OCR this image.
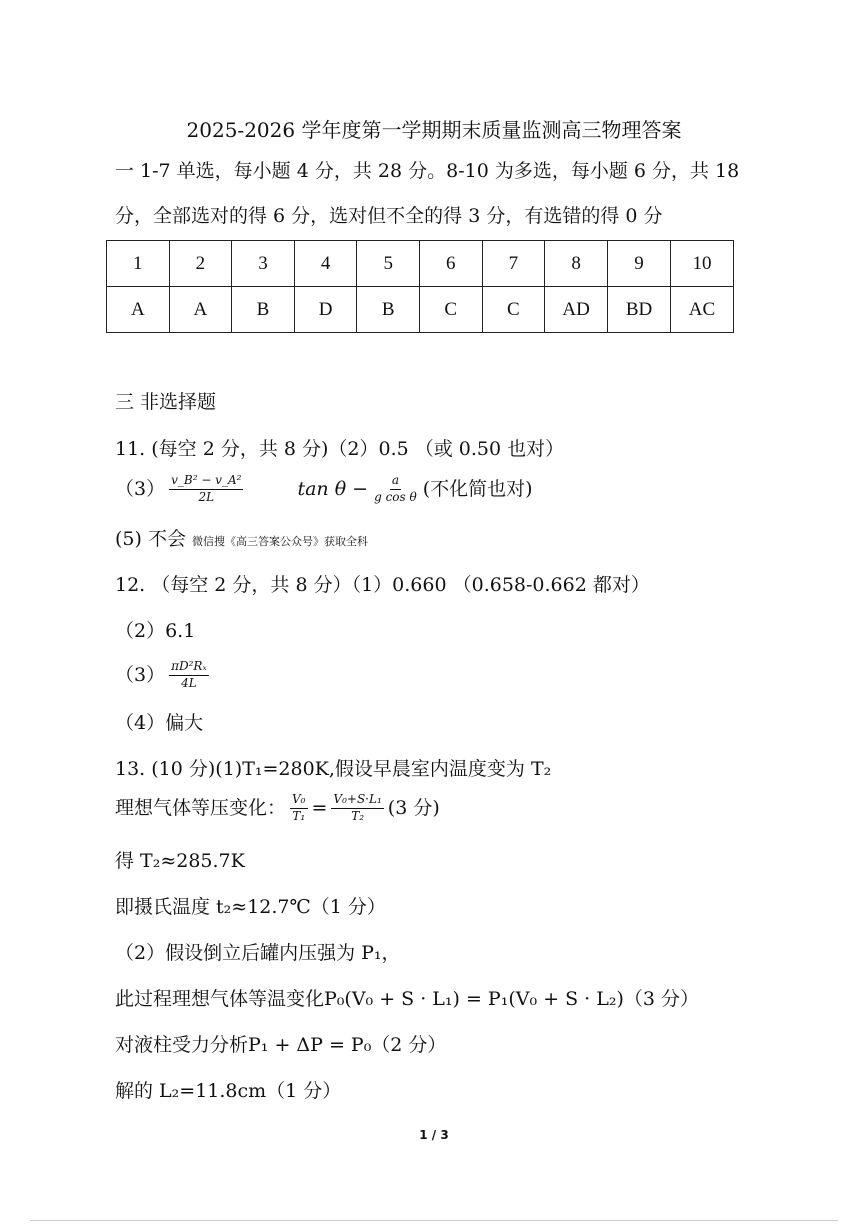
2025-2026 学年度第一学期期末质量监测高三物理答案
一 1-7 单选，每小题 4 分，共 28 分。8-10 为多选，每小题 6 分，共 18
分，全部选对的得 6 分，选对但不全的得 3 分，有选错的得 0 分
1	2	3	4	5	6	7	8	9	10
A	A	B	D	B	C	C	AD	BD	AC
三 非选择题
11. (每空 2 分，共 8 分)（2）0.5 （或 0.50 也对）
$(3) \frac{\text{v\_B² − v\_A²}}{2L}$	$\tan \theta - \frac{a}{\text{g cos θ}}$ (不化简也对)
(5) 不会 微信搜《高三答案公众号》获取全科
12. （每空 2 分，共 8 分）（1）0.660 （0.658-0.662 都对）
（2）6.1
$(3) \frac{\text{πD²Rₓ}}{4L}$
（4）偏大
13. (10 分)(1)T₁=280K,假设早晨室内温度变为 T₂
理想气体等压变化： $\frac{\text{V₀}}{\text{T₁}} = \frac{\text{V₀+S·L₁}}{\text{T₂}} (3$ 分)
得 T₂≈285.7K
即摄氏温度 t₂≈12.7℃（1 分）
（2）假设倒立后罐内压强为 P₁，
此过程理想气体等温变化P₀(V₀ + S · L₁) = P₁(V₀ + S · L₂)（3 分）
对液柱受力分析P₁ + ΔP = P₀（2 分）
解的 L₂=11.8cm（1 分）
1 / 3
